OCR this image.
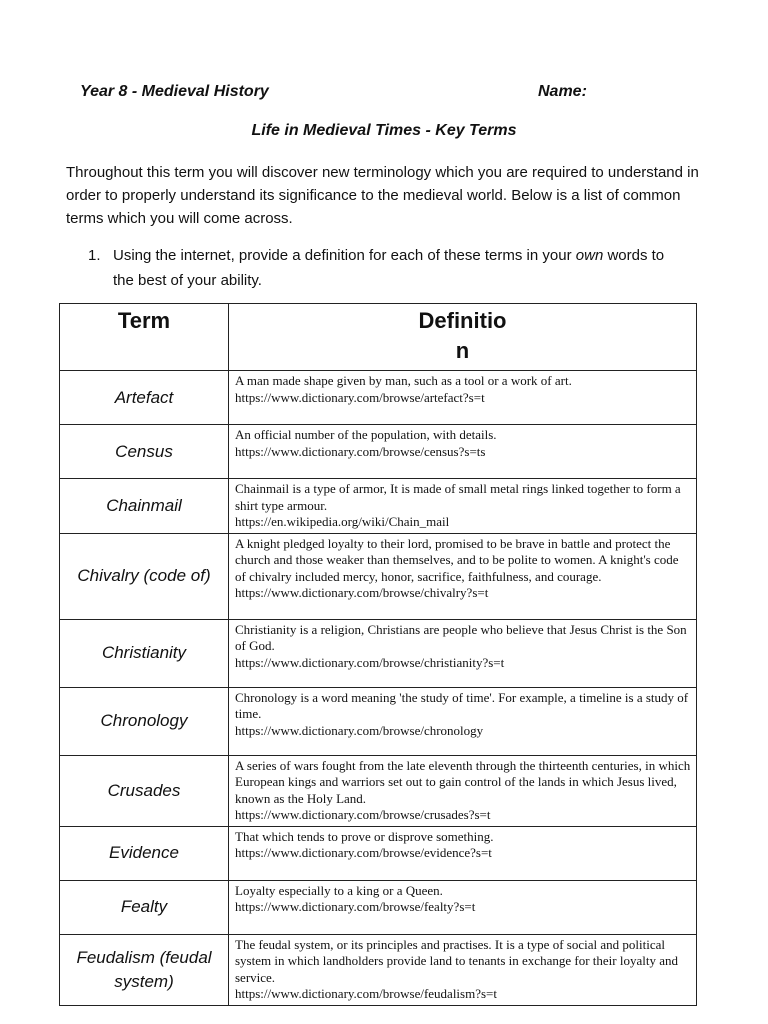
Year 8 - Medieval History	Name:
Life in Medieval Times - Key Terms
Throughout this term you will discover new terminology which you are required to understand in order to properly understand its significance to the medieval world. Below is a list of common terms which you will come across.
1. Using the internet, provide a definition for each of these terms in your own words to the best of your ability.
Term	Definitio
n

Artefact	A man made shape given by man, such as a tool or a work of art.
https://www.dictionary.com/browse/artefact?s=t

Census	An official number of the population, with details.
https://www.dictionary.com/browse/census?s=ts

Chainmail	Chainmail is a type of armor, It is made of small metal rings linked together to form a shirt type armour.
https://en.wikipedia.org/wiki/Chain_mail

Chivalry (code of)	A knight pledged loyalty to their lord, promised to be brave in battle and protect the church and those weaker than themselves, and to be polite to women. A knight's code of chivalry included mercy, honor, sacrifice, faithfulness, and courage.
https://www.dictionary.com/browse/chivalry?s=t

Christianity	Christianity is a religion, Christians are people who believe that Jesus Christ is the Son of God.
https://www.dictionary.com/browse/christianity?s=t

Chronology	Chronology is a word meaning 'the study of time'. For example, a timeline is a study of time.
https://www.dictionary.com/browse/chronology

Crusades	A series of wars fought from the late eleventh through the thirteenth centuries, in which European kings and warriors set out to gain control of the lands in which Jesus lived, known as the Holy Land.
https://www.dictionary.com/browse/crusades?s=t

Evidence	That which tends to prove or disprove something.
https://www.dictionary.com/browse/evidence?s=t

Fealty	Loyalty especially to a king or a Queen.
https://www.dictionary.com/browse/fealty?s=t

Feudalism (feudal system)	The feudal system, or its principles and practises. It is a type of social and political system in which landholders provide land to tenants in exchange for their loyalty and service.
https://www.dictionary.com/browse/feudalism?s=t
